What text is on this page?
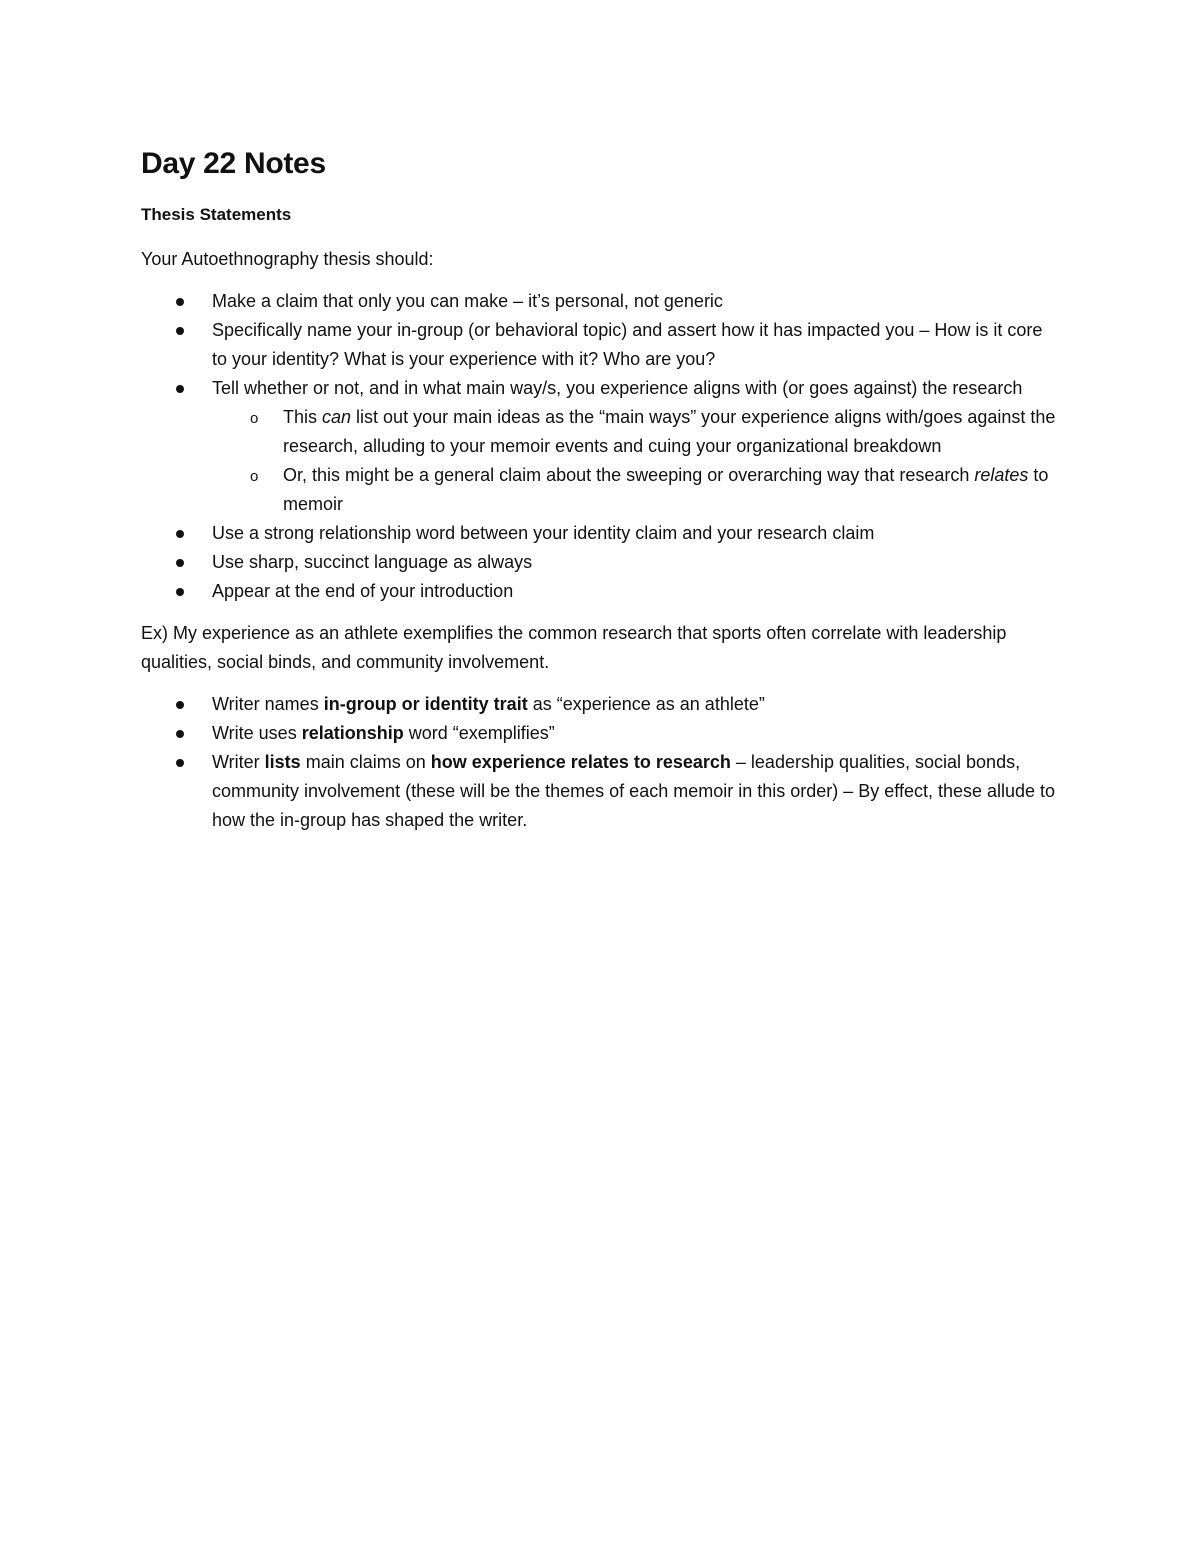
Day 22 Notes
Thesis Statements

Your Autoethnography thesis should:

Make a claim that only you can make – it’s personal, not generic
Specifically name your in-group (or behavioral topic) and assert how it has impacted you – How is it core to your identity? What is your experience with it? Who are you?
Tell whether or not, and in what main way/s, you experience aligns with (or goes against) the research
o This can list out your main ideas as the “main ways” your experience aligns with/goes against the research, alluding to your memoir events and cuing your organizational breakdown
o Or, this might be a general claim about the sweeping or overarching way that research relates to memoir
Use a strong relationship word between your identity claim and your research claim
Use sharp, succinct language as always
Appear at the end of your introduction

Ex) My experience as an athlete exemplifies the common research that sports often correlate with leadership qualities, social binds, and community involvement.

Writer names in-group or identity trait as “experience as an athlete”
Write uses relationship word “exemplifies”
Writer lists main claims on how experience relates to research – leadership qualities, social bonds, community involvement (these will be the themes of each memoir in this order) – By effect, these allude to how the in-group has shaped the writer.
